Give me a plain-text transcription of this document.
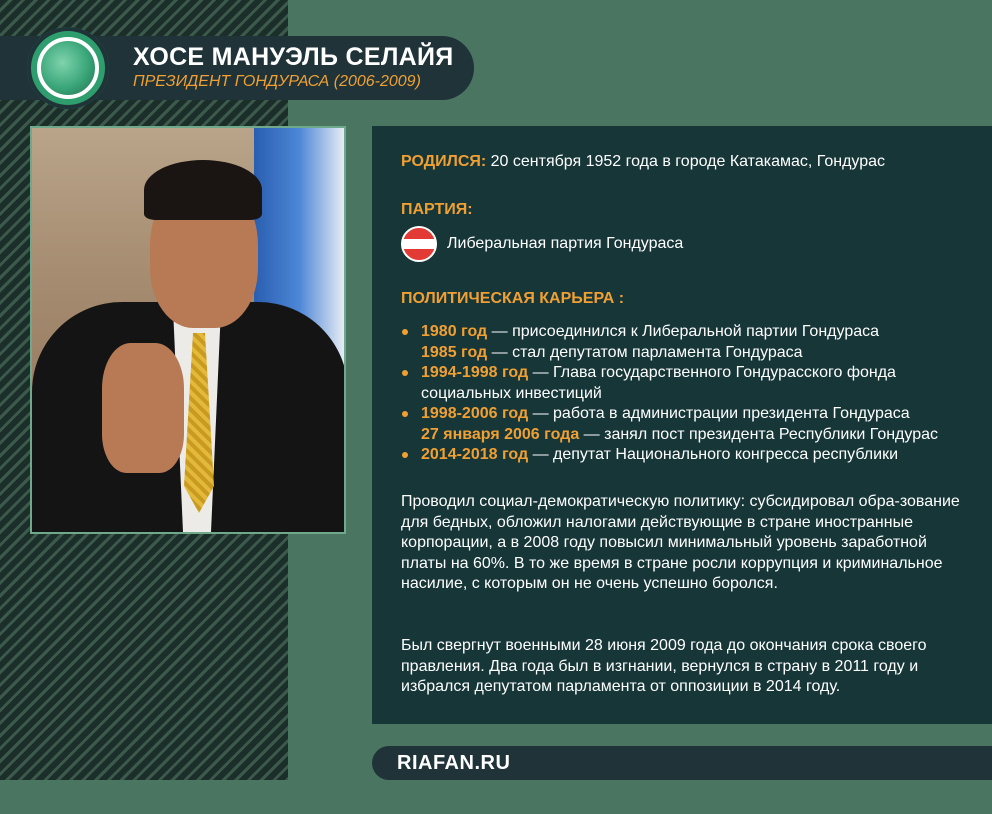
ХОСЕ МАНУЭЛЬ СЕЛАЙЯ
ПРЕЗИДЕНТ ГОНДУРАСА (2006-2009)
РОДИЛСЯ: 20 сентября 1952 года в городе Катакамас, Гондурас
ПАРТИЯ:
Либеральная партия Гондураса
ПОЛИТИЧЕСКАЯ КАРЬЕРА :
1980 год — присоединился к Либеральной партии Гондураса
1985 год — стал депутатом парламента Гондураса
1994-1998 год — Глава государственного Гондурасского фонда
социальных инвестиций
1998-2006 год — работа в администрации президента Гондураса
27 января 2006 года — занял пост президента Республики Гондурас
2014-2018 год — депутат Национального конгресса республики
Проводил социал-демократическую политику: субсидировал обра-зование для бедных, обложил налогами действующие в стране иностранные корпорации, а в 2008 году повысил минимальный уровень заработной платы на 60%. В то же время в стране росли коррупция и криминальное насилие, с которым он не очень успешно боролся.
Был свергнут военными 28 июня 2009 года до окончания срока своего правления. Два года был в изгнании, вернулся в страну в 2011 году и избрался депутатом парламента от оппозиции в 2014 году.
RIAFAN.RU
